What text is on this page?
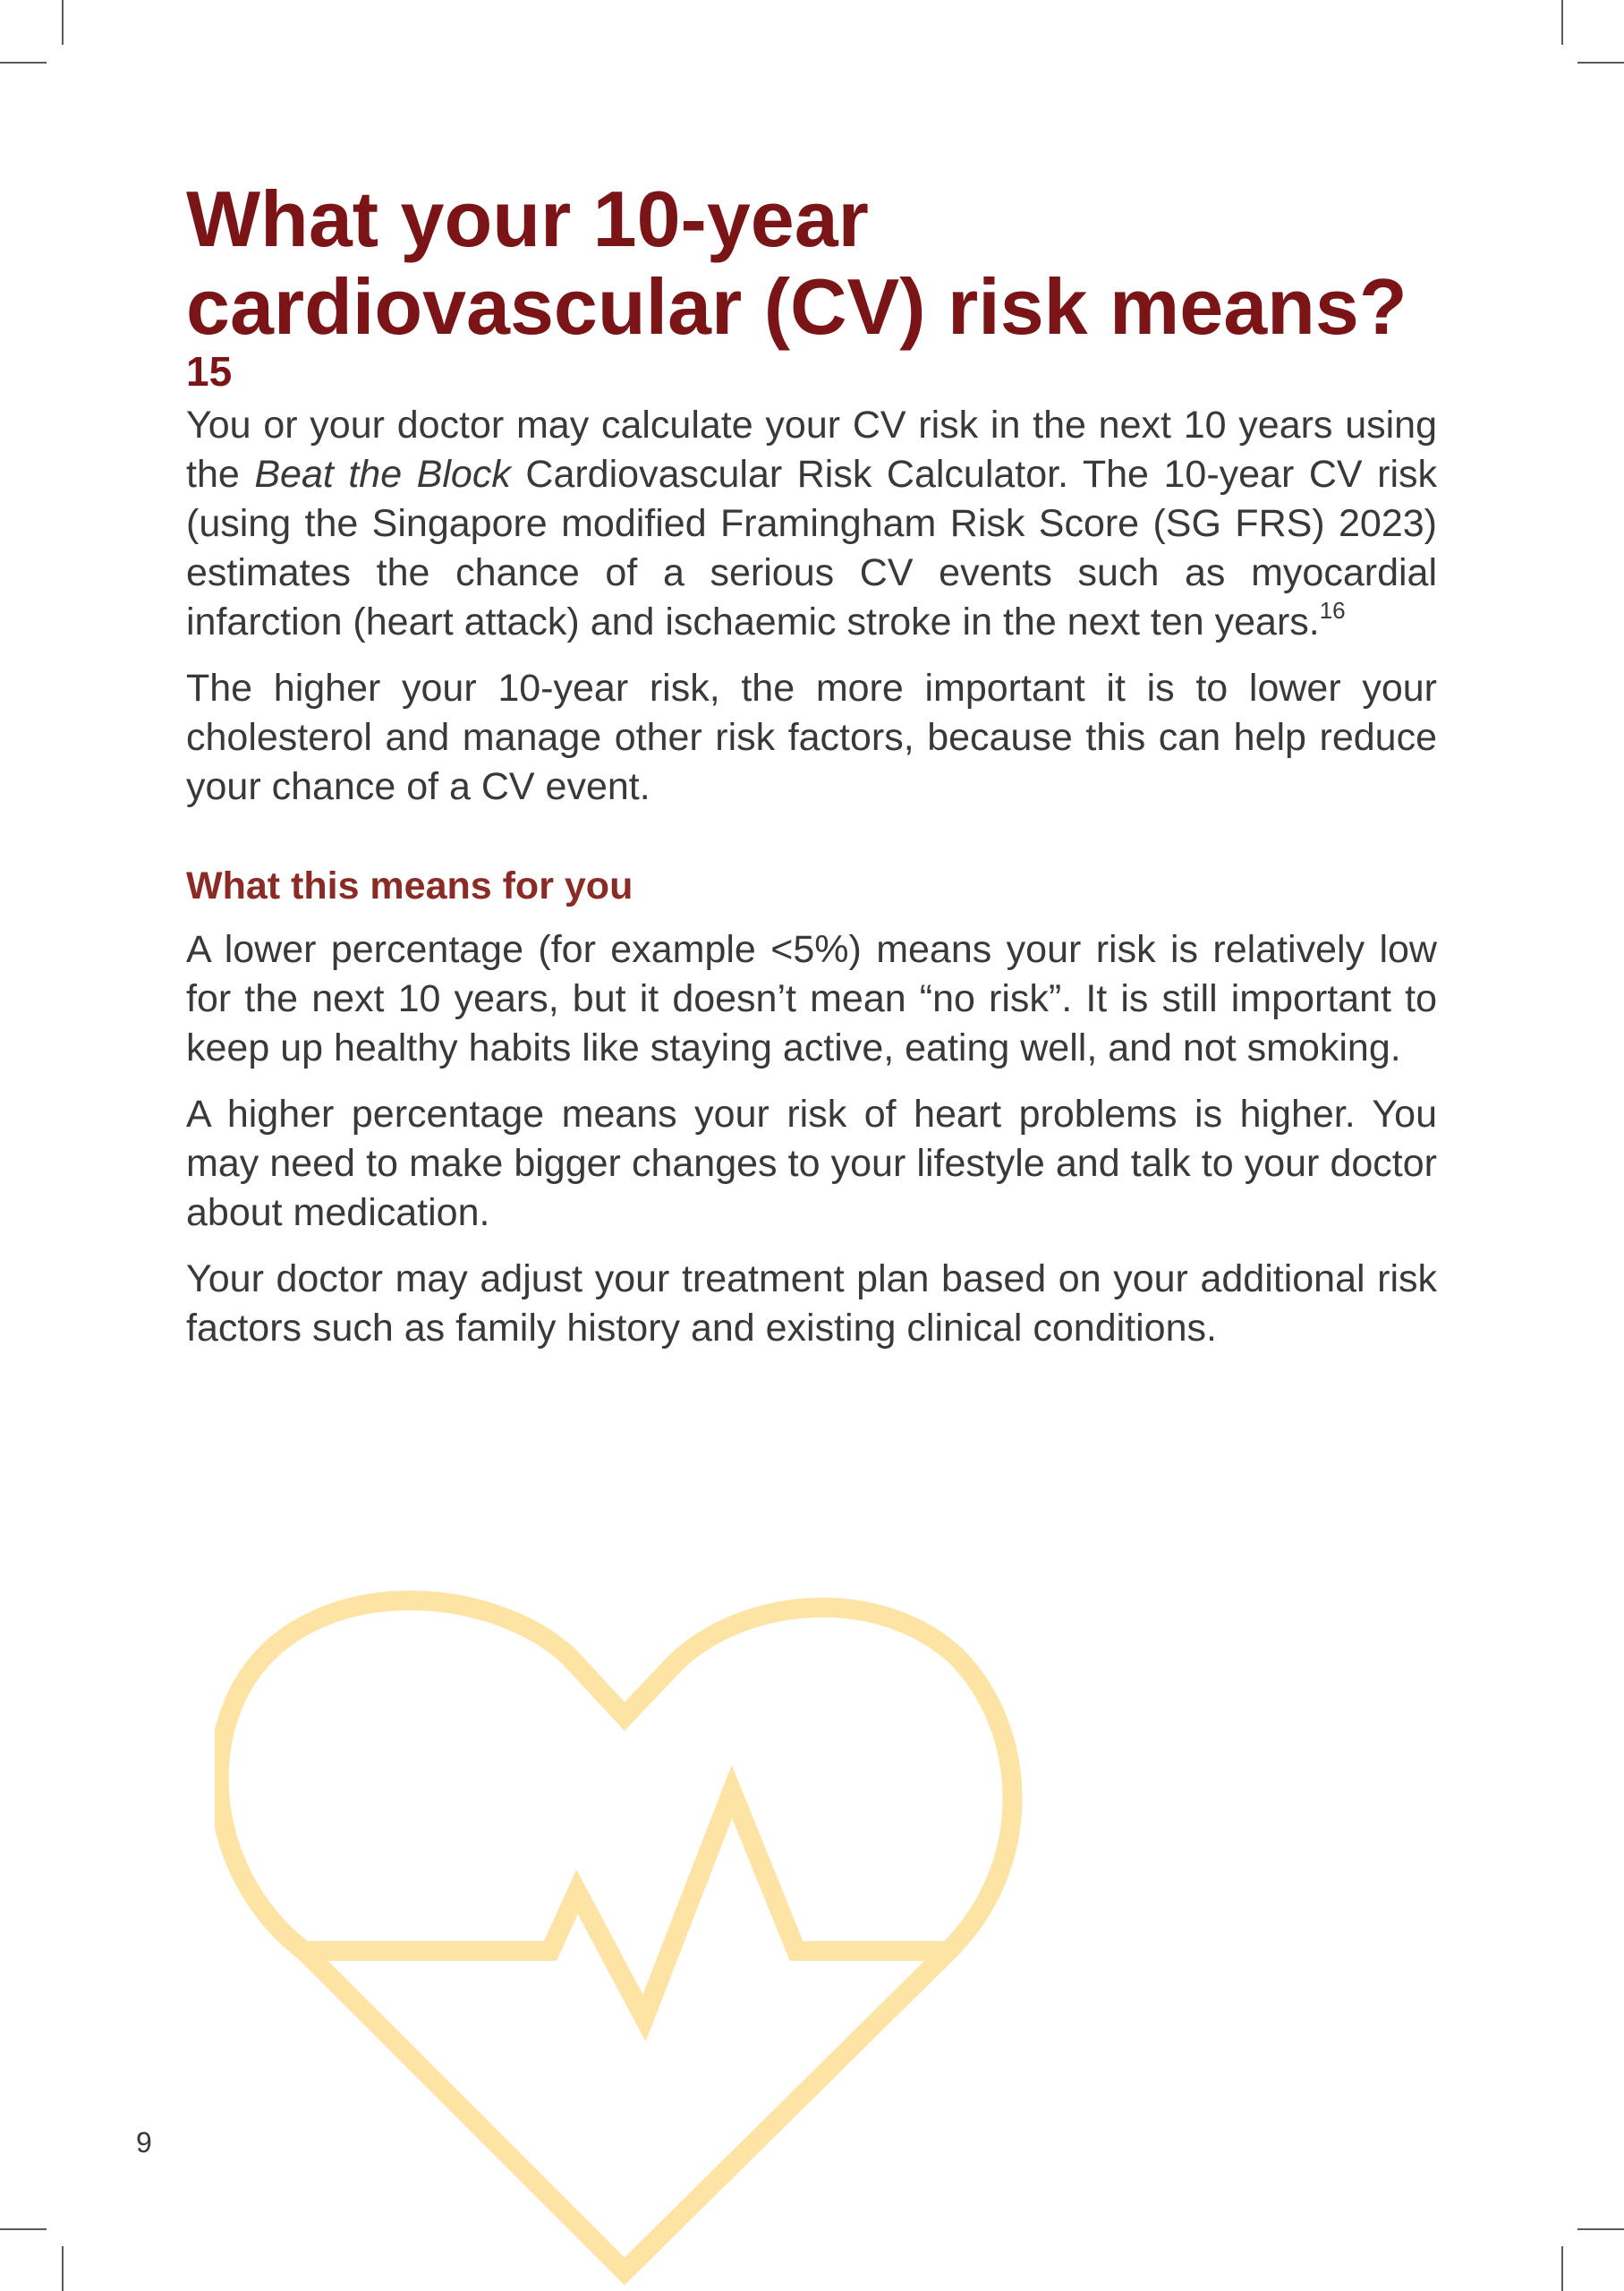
What your 10-year cardiovascular (CV) risk means?$^{15}$

You or your doctor may calculate your CV risk in the next 10 years using the Beat the Block Cardiovascular Risk Calculator. The 10-year CV risk (using the Singapore modified Framingham Risk Score (SG FRS) 2023) estimates the chance of a serious CV events such as myocardial infarction (heart attack) and ischaemic stroke in the next ten years.$^{16}$

The higher your 10-year risk, the more important it is to lower your cholesterol and manage other risk factors, because this can help reduce your chance of a CV event.

What this means for you

A lower percentage (for example <5%) means your risk is relatively low for the next 10 years, but it doesn’t mean “no risk”. It is still important to keep up healthy habits like staying active, eating well, and not smoking.

A higher percentage means your risk of heart problems is higher. You may need to make bigger changes to your lifestyle and talk to your doctor about medication.

Your doctor may adjust your treatment plan based on your additional risk factors such as family history and existing clinical conditions.

9
